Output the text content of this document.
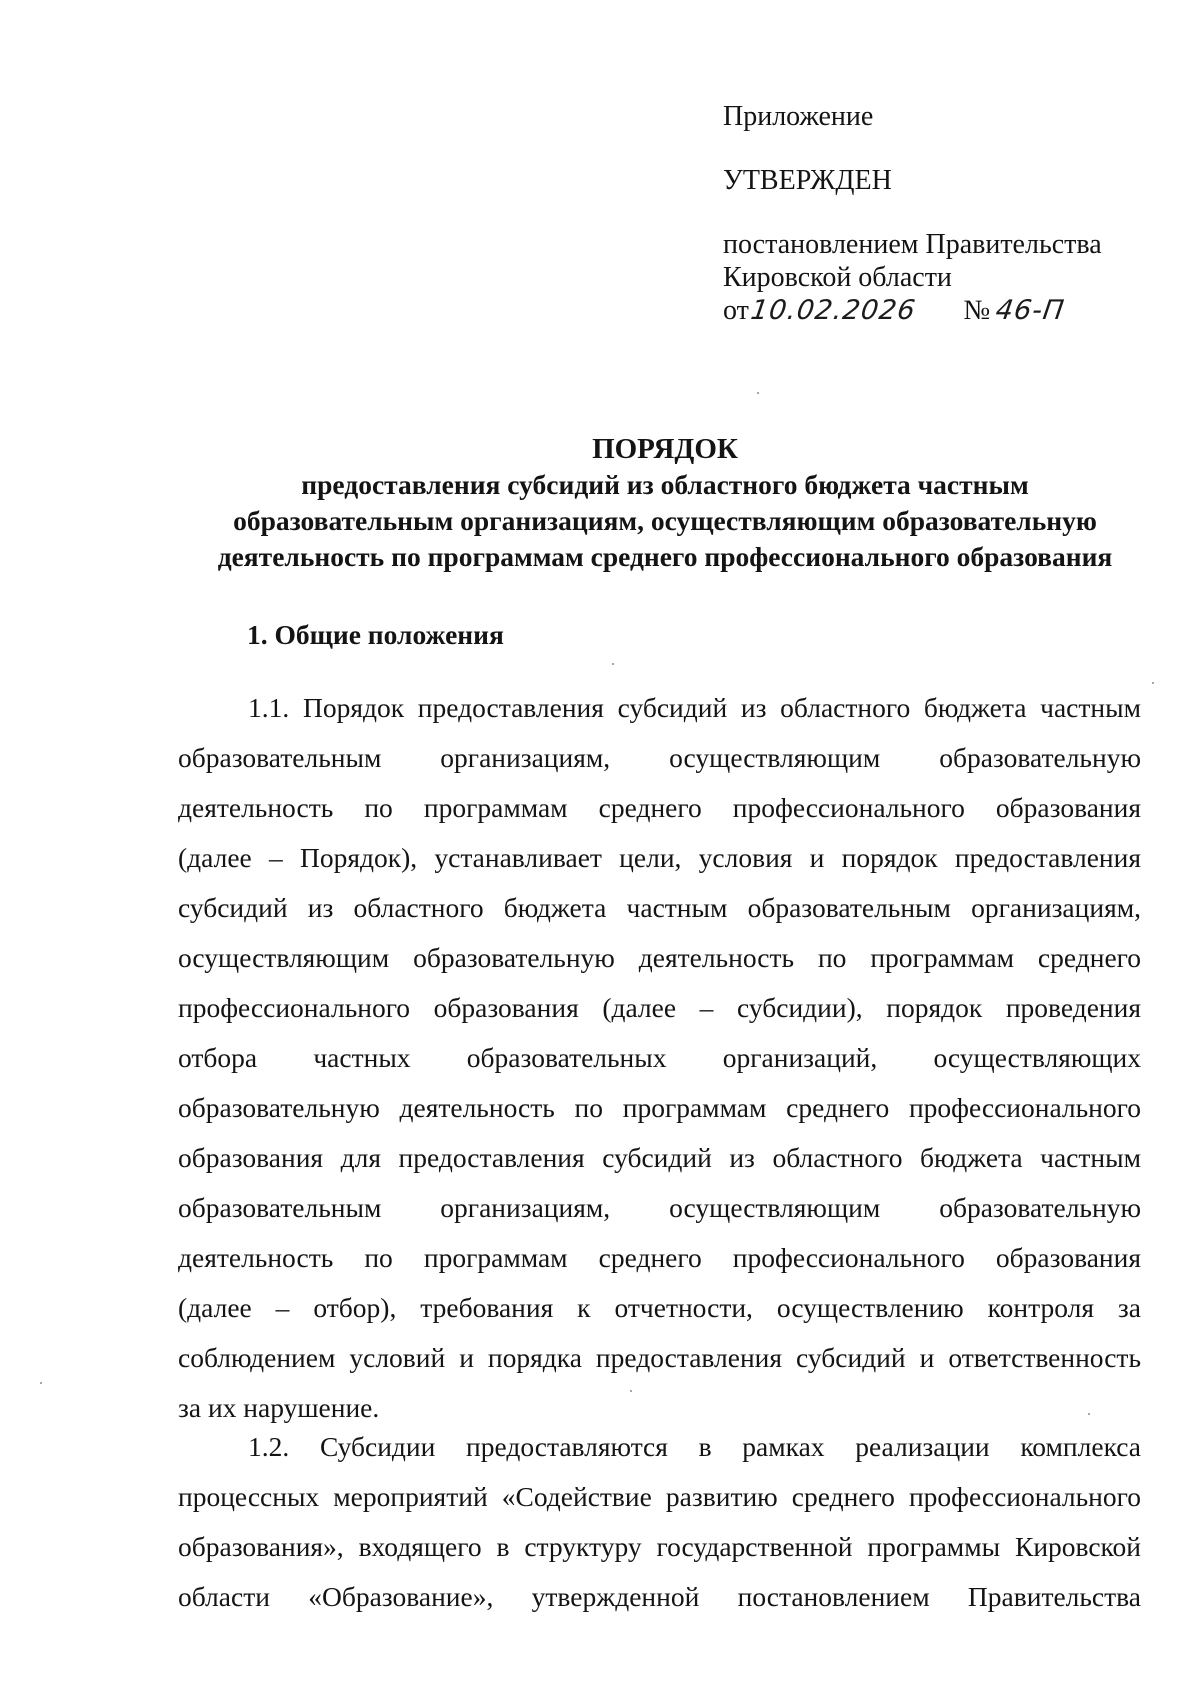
Приложение
УТВЕРЖДЕН
постановлением Правительства
Кировской области
от10.02.2026 № 46-П
ПОРЯДОК
предоставления субсидий из областного бюджета частным
образовательным организациям, осуществляющим образовательную
деятельность по программам среднего профессионального образования
1. Общие положения
1.1. Порядок предоставления субсидий из областного бюджета частным
образовательным организациям, осуществляющим образовательную
деятельность по программам среднего профессионального образования
(далее – Порядок), устанавливает цели, условия и порядок предоставления
субсидий из областного бюджета частным образовательным организациям,
осуществляющим образовательную деятельность по программам среднего
профессионального образования (далее – субсидии), порядок проведения
отбора частных образовательных организаций, осуществляющих
образовательную деятельность по программам среднего профессионального
образования для предоставления субсидий из областного бюджета частным
образовательным организациям, осуществляющим образовательную
деятельность по программам среднего профессионального образования
(далее – отбор), требования к отчетности, осуществлению контроля за
соблюдением условий и порядка предоставления субсидий и ответственность
за их нарушение.
1.2. Субсидии предоставляются в рамках реализации комплекса
процессных мероприятий «Содействие развитию среднего профессионального
образования», входящего в структуру государственной программы Кировской
области «Образование», утвержденной постановлением Правительства
